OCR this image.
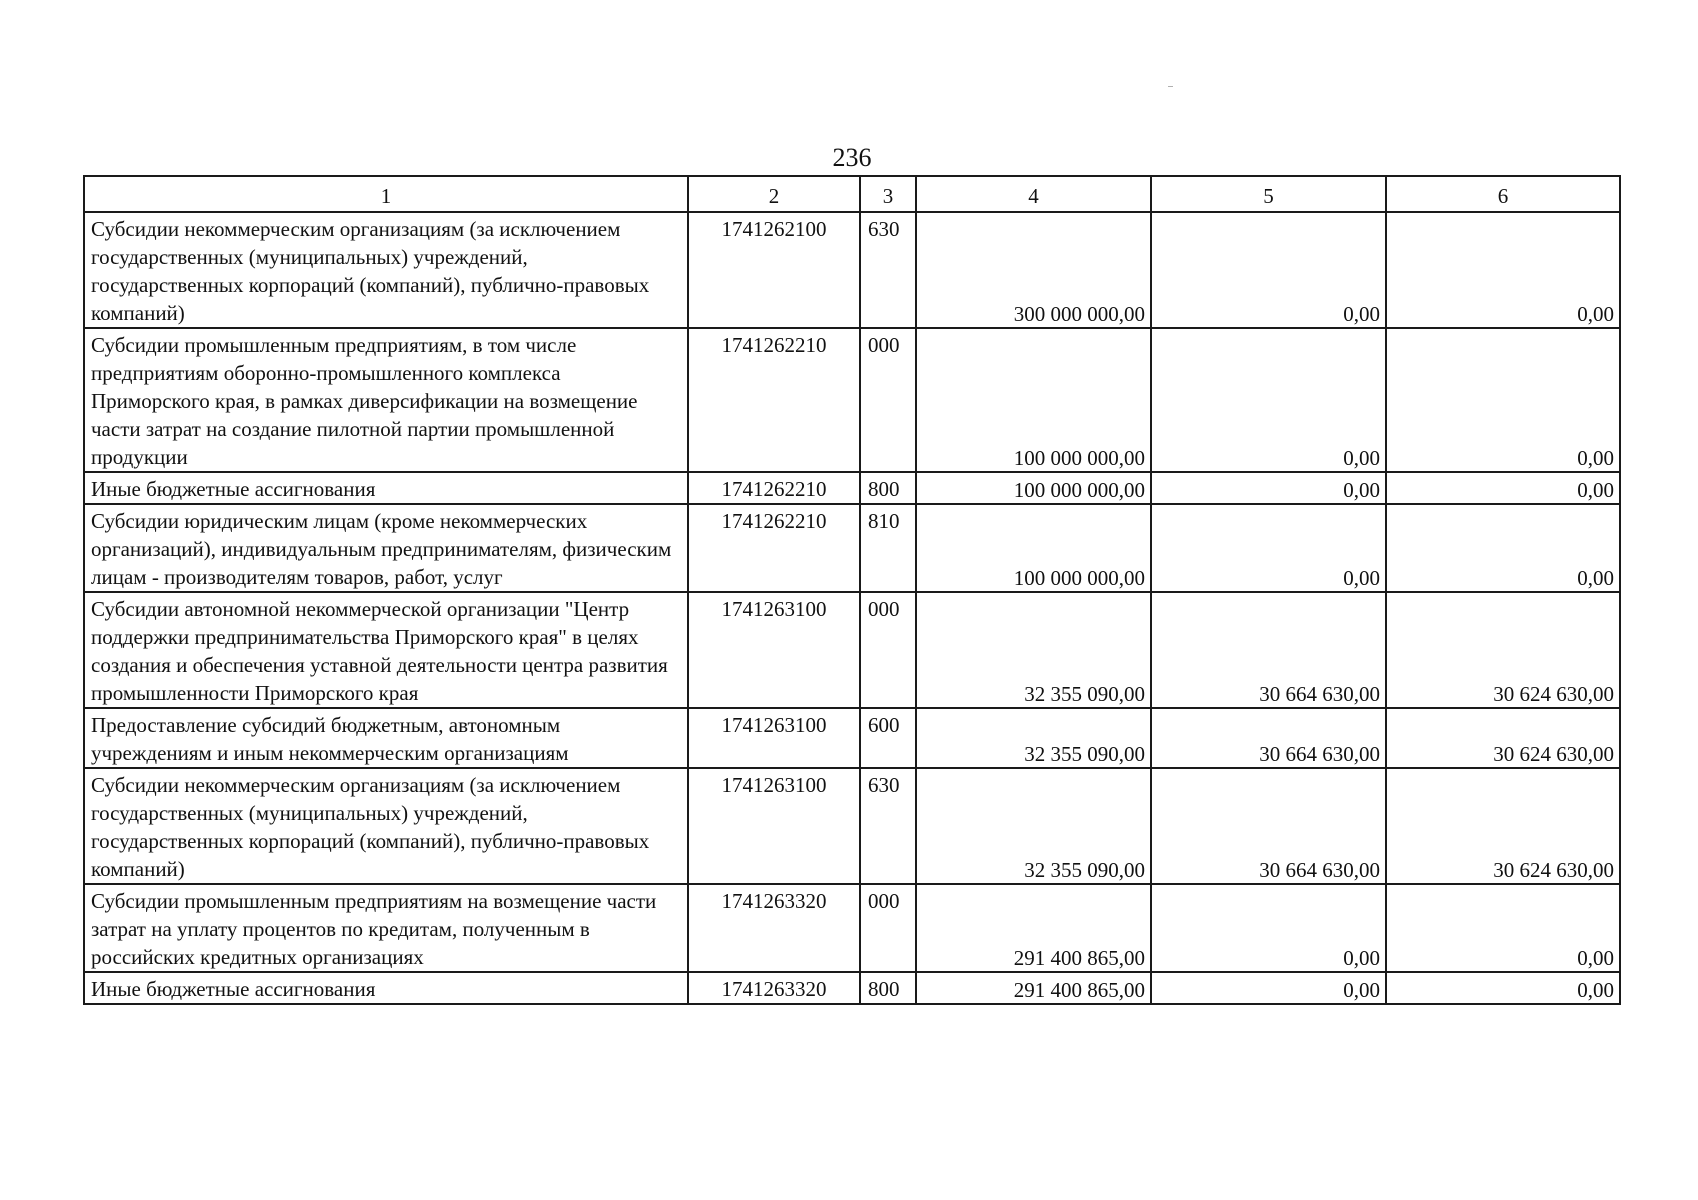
236
1	2	3	4	5	6
Субсидии некоммерческим организациям (за исключением государственных (муниципальных) учреждений, государственных корпораций (компаний), публично-правовых компаний)	1741262100	630	300 000 000,00	0,00	0,00
Субсидии промышленным предприятиям, в том числе предприятиям оборонно-промышленного комплекса Приморского края, в рамках диверсификации на возмещение части затрат на создание пилотной партии промышленной продукции	1741262210	000	100 000 000,00	0,00	0,00
Иные бюджетные ассигнования	1741262210	800	100 000 000,00	0,00	0,00
Субсидии юридическим лицам (кроме некоммерческих организаций), индивидуальным предпринимателям, физическим лицам - производителям товаров, работ, услуг	1741262210	810	100 000 000,00	0,00	0,00
Субсидии автономной некоммерческой организации "Центр поддержки предпринимательства Приморского края" в целях создания и обеспечения уставной деятельности центра развития промышленности Приморского края	1741263100	000	32 355 090,00	30 664 630,00	30 624 630,00
Предоставление субсидий бюджетным, автономным учреждениям и иным некоммерческим организациям	1741263100	600	32 355 090,00	30 664 630,00	30 624 630,00
Субсидии некоммерческим организациям (за исключением государственных (муниципальных) учреждений, государственных корпораций (компаний), публично-правовых компаний)	1741263100	630	32 355 090,00	30 664 630,00	30 624 630,00
Субсидии промышленным предприятиям на возмещение части затрат на уплату процентов по кредитам, полученным в российских кредитных организациях	1741263320	000	291 400 865,00	0,00	0,00
Иные бюджетные ассигнования	1741263320	800	291 400 865,00	0,00	0,00
